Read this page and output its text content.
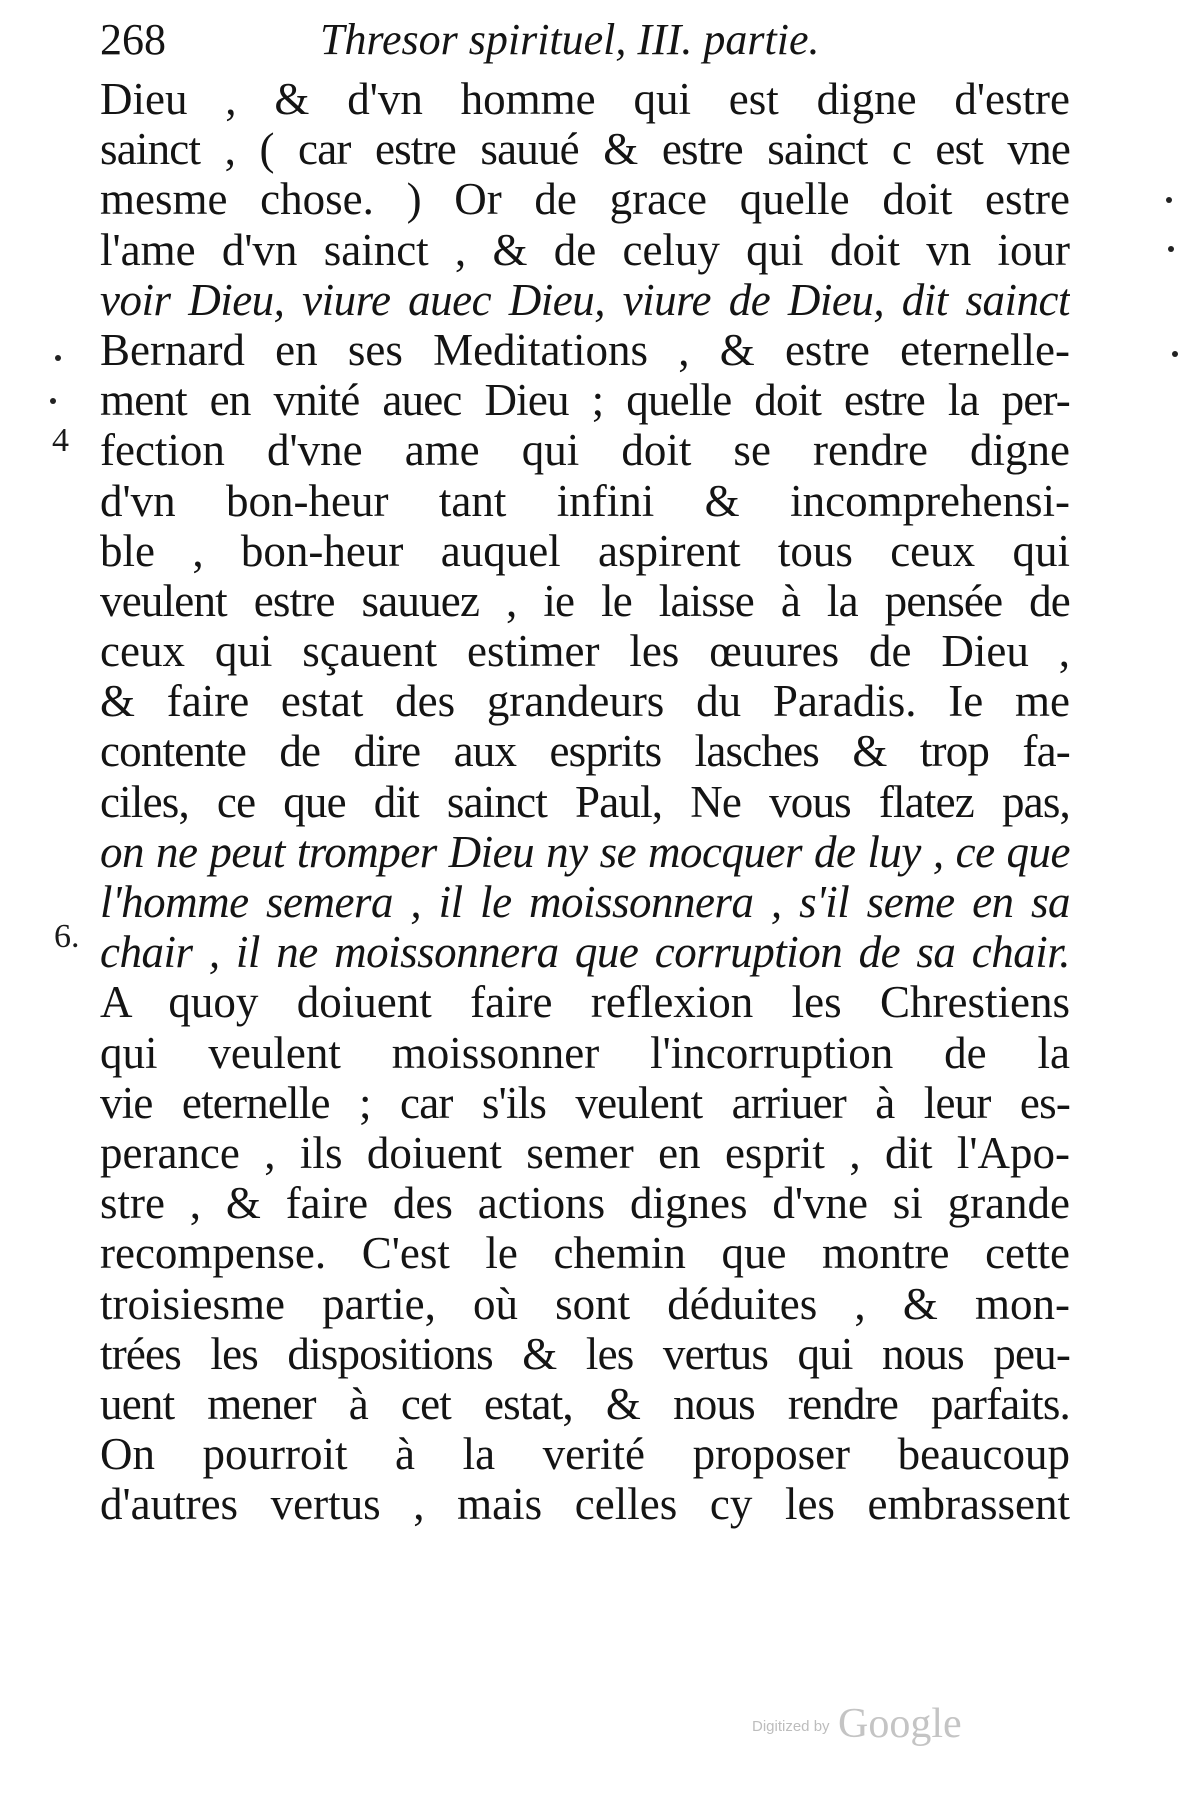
268	Thresor spirituel, III. partie.
Dieu , & d'vn homme qui est digne d'estre
sainct , ( car estre sauué & estre sainct c est vne
mesme chose. ) Or de grace quelle doit estre
l'ame d'vn sainct , & de celuy qui doit vn iour
voir Dieu, viure auec Dieu, viure de Dieu, dit sainct
Bernard en ses Meditations , & estre eternelle-
ment en vnité auec Dieu ; quelle doit estre la per-
fection d'vne ame qui doit se rendre digne
d'vn bon-heur tant infini & incomprehensi-
ble , bon-heur auquel aspirent tous ceux qui
veulent estre sauuez , ie le laisse à la pensée de
ceux qui sçauent estimer les œuures de Dieu ,
& faire estat des grandeurs du Paradis. Ie me
contente de dire aux esprits lasches & trop fa-
ciles, ce que dit sainct Paul, Ne vous flatez pas,
on ne peut tromper Dieu ny se mocquer de luy , ce que
l'homme semera , il le moissonnera , s'il seme en sa
chair , il ne moissonnera que corruption de sa chair.
A quoy doiuent faire reflexion les Chrestiens
qui veulent moissonner l'incorruption de la
vie eternelle ; car s'ils veulent arriuer à leur es-
perance , ils doiuent semer en esprit , dit l'Apo-
stre , & faire des actions dignes d'vne si grande
recompense. C'est le chemin que montre cette
troisiesme partie, où sont déduites , & mon-
trées les dispositions & les vertus qui nous peu-
uent mener à cet estat, & nous rendre parfaits.
On pourroit à la verité proposer beaucoup
d'autres vertus , mais celles cy les embrassent
4
6.
Digitized by Google
